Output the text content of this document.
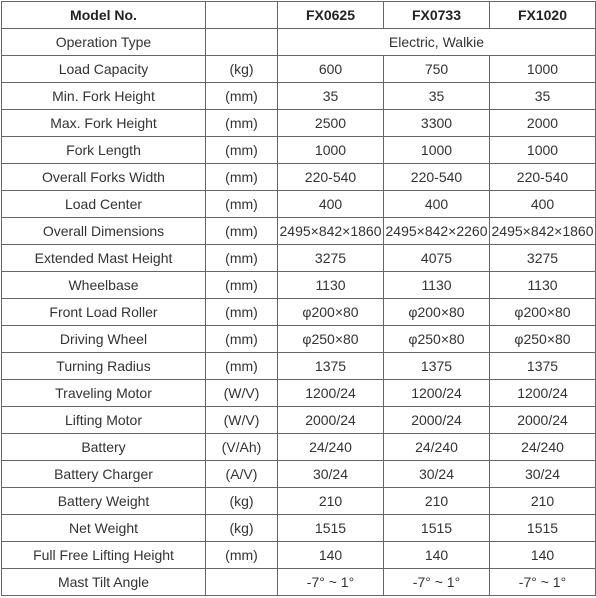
Model No.		FX0625	FX0733	FX1020
Operation Type		Electric, Walkie		
Load Capacity	(kg)	600	750	1000
Min. Fork Height	(mm)	35	35	35
Max. Fork Height	(mm)	2500	3300	2000
Fork Length	(mm)	1000	1000	1000
Overall Forks Width	(mm)	220-540	220-540	220-540
Load Center	(mm)	400	400	400
Overall Dimensions	(mm)	2495×842×1860	2495×842×2260	2495×842×1860
Extended Mast Height	(mm)	3275	4075	3275
Wheelbase	(mm)	1130	1130	1130
Front Load Roller	(mm)	φ200×80	φ200×80	φ200×80
Driving Wheel	(mm)	φ250×80	φ250×80	φ250×80
Turning Radius	(mm)	1375	1375	1375
Traveling Motor	(W/V)	1200/24	1200/24	1200/24
Lifting Motor	(W/V)	2000/24	2000/24	2000/24
Battery	(V/Ah)	24/240	24/240	24/240
Battery Charger	(A/V)	30/24	30/24	30/24
Battery Weight	(kg)	210	210	210
Net Weight	(kg)	1515	1515	1515
Full Free Lifting Height	(mm)	140	140	140
Mast Tilt Angle		-7° ~ 1°	-7° ~ 1°	-7° ~ 1°
